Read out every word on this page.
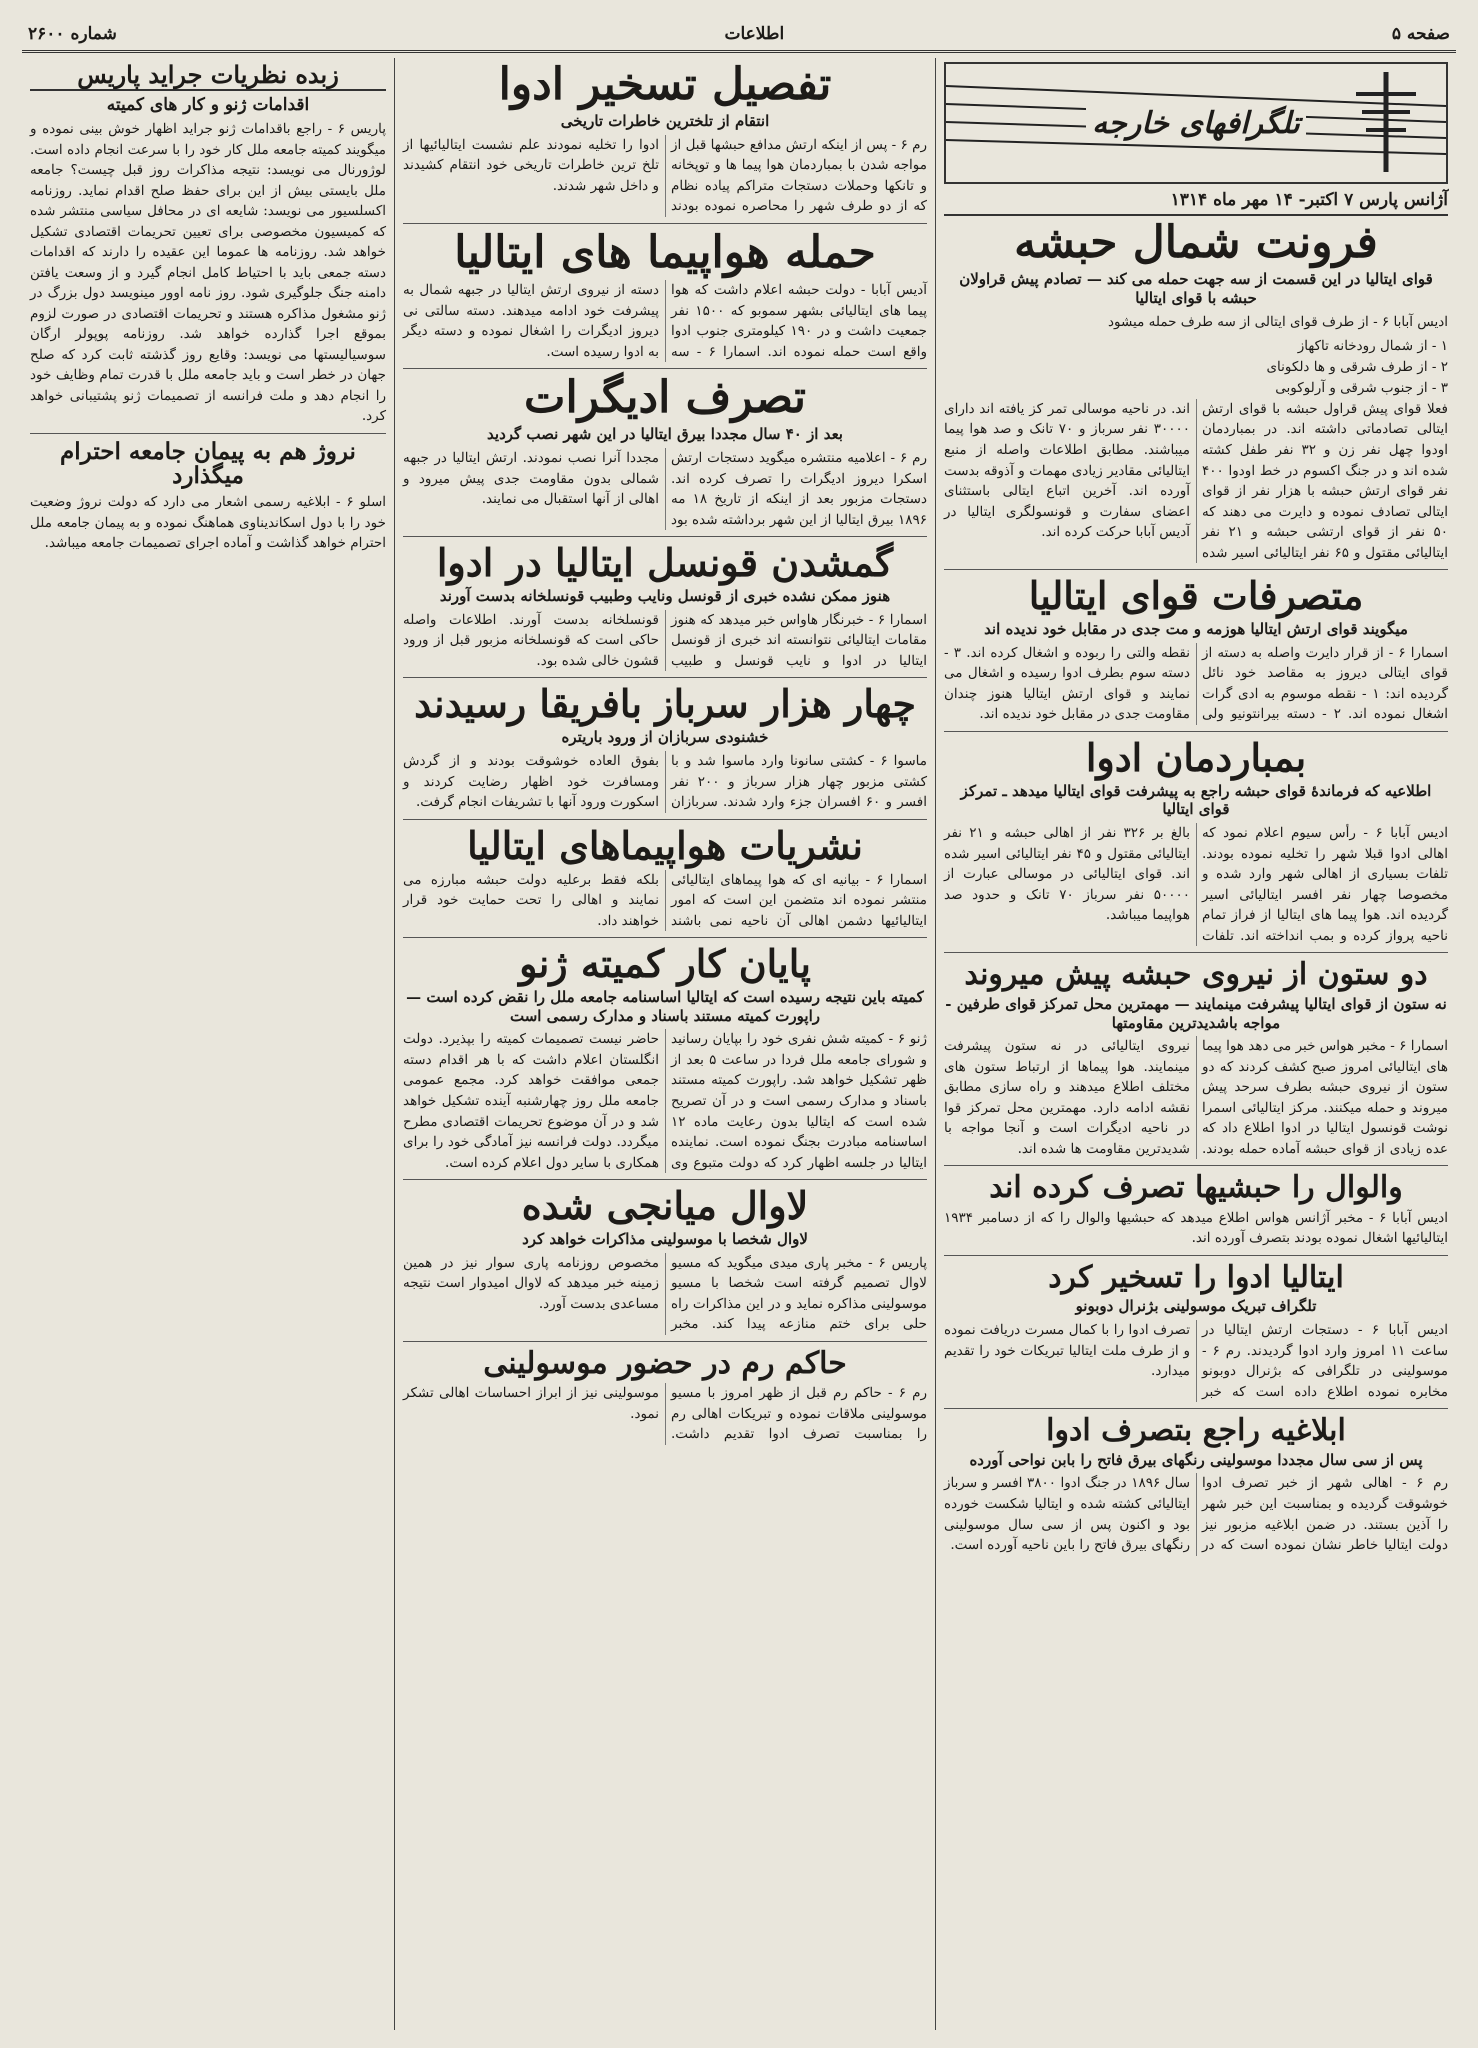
صفحه ۵
اطلاعات
شماره ۲۶۰۰
تلگرافهای خارجه
آژانس پارس ۷ اکتبر- ۱۴ مهر ماه ۱۳۱۴
فرونت شمال حبشه
قوای ایتالیا در این قسمت از سه جهت حمله می کند — تصادم پیش قراولان حبشه با قوای ایتالیا

ادیس آبابا ۶ - از طرف قوای ایتالی از سه طرف حمله میشود

۱ - از شمال رودخانه تاکهاز
۲ - از طرف شرقی و ها دلکونای
۳ - از جنوب شرقی و آرلوکوبی

فعلا قوای پیش قراول حبشه با قوای ارتش ایتالی تصادماتی داشته اند. در بمباردمان اودوا چهل نفر زن و ۳۲ نفر طفل کشته شده اند و در جنگ اکسوم در خط اودوا ۴۰۰ نفر قوای ارتش حبشه با هزار نفر از قوای ایتالی تصادف نموده و دایرت می دهند که ۵۰ نفر از قوای ارتشی حبشه و ۲۱ نفر ایتالیائی مقتول و ۶۵ نفر ایتالیائی اسیر شده اند. در ناحیه موسالی تمر کز یافته اند دارای ۳۰۰۰۰ نفر سرباز و ۷۰ تانک و صد هوا پیما میباشند. مطابق اطلاعات واصله از منبع ایتالیائی مقادیر زیادی مهمات و آذوقه بدست آورده اند. آخرین اتباع ایتالی باستثنای اعضای سفارت و قونسولگری ایتالیا در آدیس آبابا حرکت کرده اند.

متصرفات قوای ایتالیا
میگویند قوای ارتش ایتالیا هوزمه و مت جدی در مقابل خود ندیده اند

اسمارا ۶ - از قرار دایرت واصله به دسته از قوای ایتالی دیروز به مقاصد خود نائل گردیده اند: ۱ - نقطه موسوم به ادی گرات اشغال نموده اند. ۲ - دسته بیرانتونیو ولی نقطه والتی را ربوده و اشغال کرده اند. ۳ - دسته سوم بطرف ادوا رسیده و اشغال می نمایند و قوای ارتش ایتالیا هنوز چندان مقاومت جدی در مقابل خود ندیده اند.

بمباردمان ادوا
اطلاعیه که فرماندهٔ قوای حبشه راجع به پیشرفت قوای ایتالیا میدهد ـ تمرکز قوای ایتالیا

ادیس آبابا ۶ - رأس سیوم اعلام نمود که اهالی ادوا قبلا شهر را تخلیه نموده بودند. تلفات بسیاری از اهالی شهر وارد شده و مخصوصا چهار نفر افسر ایتالیائی اسیر گردیده اند. هوا پیما های ایتالیا از فراز تمام ناحیه پرواز کرده و بمب انداخته اند. تلفات بالغ بر ۳۲۶ نفر از اهالی حبشه و ۲۱ نفر ایتالیائی مقتول و ۴۵ نفر ایتالیائی اسیر شده اند. قوای ایتالیائی در موسالی عبارت از ۵۰۰۰۰ نفر سرباز ۷۰ تانک و حدود صد هواپیما میباشد.

دو ستون از نیروی حبشه پیش میروند
نه ستون از قوای ایتالیا پیشرفت مینمایند — مهمترین محل تمرکز قوای طرفین - مواجه باشدیدترین مقاومتها

اسمارا ۶ - مخبر هواس خبر می دهد هوا پیما های ایتالیائی امروز صبح کشف کردند که دو ستون از نیروی حبشه بطرف سرحد پیش میروند و حمله میکنند. مرکز ایتالیائی اسمرا نوشت قونسول ایتالیا در ادوا اطلاع داد که عده زیادی از قوای حبشه آماده حمله بودند. نیروی ایتالیائی در نه ستون پیشرفت مینمایند. هوا پیماها از ارتباط ستون های مختلف اطلاع میدهند و راه سازی مطابق نقشه ادامه دارد. مهمترین محل تمرکز قوا در ناحیه ادیگرات است و آنجا مواجه با شدیدترین مقاومت ها شده اند.

والوال را حبشیها تصرف کرده اند

ادیس آبابا ۶ - مخبر آژانس هواس اطلاع میدهد که حبشیها والوال را که از دسامبر ۱۹۳۴ ایتالیائیها اشغال نموده بودند بتصرف آورده اند.

ایتالیا ادوا را تسخیر کرد
تلگراف تبریک موسولینی بژنرال دوبونو

ادیس آبابا ۶ - دستجات ارتش ایتالیا در ساعت ۱۱ امروز وارد ادوا گردیدند. رم ۶ - موسولینی در تلگرافی که بژنرال دوبونو مخابره نموده اطلاع داده است که خبر تصرف ادوا را با کمال مسرت دریافت نموده و از طرف ملت ایتالیا تبریکات خود را تقدیم میدارد.

ابلاغیه راجع بتصرف ادوا
پس از سی سال مجددا موسولینی رنگهای بیرق فاتح را بابن نواحی آورده

رم ۶ - اهالی شهر از خبر تصرف ادوا خوشوقت گردیده و بمناسبت این خبر شهر را آذین بستند. در ضمن ابلاغیه مزبور نیز دولت ایتالیا خاطر نشان نموده است که در سال ۱۸۹۶ در جنگ ادوا ۳۸۰۰ افسر و سرباز ایتالیائی کشته شده و ایتالیا شکست خورده بود و اکنون پس از سی سال موسولینی رنگهای بیرق فاتح را باین ناحیه آورده است.

تفصیل تسخیر ادوا
انتقام از تلخترین خاطرات تاریخی

رم ۶ - پس از اینکه ارتش مدافع حبشها قبل از مواجه شدن با بمباردمان هوا پیما ها و توپخانه و تانکها وحملات دستجات متراکم پیاده نظام که از دو طرف شهر را محاصره نموده بودند ادوا را تخلیه نمودند علم نشست ایتالیائیها از تلخ ترین خاطرات تاریخی خود انتقام کشیدند و داخل شهر شدند.

حمله هواپیما های ایتالیا

آدیس آبابا - دولت حبشه اعلام داشت که هوا پیما های ایتالیائی بشهر سموبو که ۱۵۰۰ نفر جمعیت داشت و در ۱۹۰ کیلومتری جنوب ادوا واقع است حمله نموده اند. اسمارا ۶ - سه دسته از نیروی ارتش ایتالیا در جبهه شمال به پیشرفت خود ادامه میدهند. دسته سالتی نی دیروز ادیگرات را اشغال نموده و دسته دیگر به ادوا رسیده است.

تصرف ادیگرات
بعد از ۴۰ سال مجددا بیرق ایتالیا در این شهر نصب گردید

رم ۶ - اعلامیه منتشره میگوید دستجات ارتش اسکرا دیروز ادیگرات را تصرف کرده اند. دستجات مزبور بعد از اینکه از تاریخ ۱۸ مه ۱۸۹۶ بیرق ایتالیا از این شهر برداشته شده بود مجددا آنرا نصب نمودند. ارتش ایتالیا در جبهه شمالی بدون مقاومت جدی پیش میرود و اهالی از آنها استقبال می نمایند.

گمشدن قونسل ایتالیا در ادوا
هنوز ممکن نشده خبری از قونسل ونایب وطبیب قونسلخانه بدست آورند

اسمارا ۶ - خبرنگار هاواس خبر میدهد که هنوز مقامات ایتالیائی نتوانسته اند خبری از قونسل ایتالیا در ادوا و نایب قونسل و طبیب قونسلخانه بدست آورند. اطلاعات واصله حاکی است که قونسلخانه مزبور قبل از ورود قشون خالی شده بود.

چهار هزار سرباز بافریقا رسیدند
خشنودی سربازان از ورود باریتره

ماسوا ۶ - کشتی سانونا وارد ماسوا شد و با کشتی مزبور چهار هزار سرباز و ۲۰۰ نفر افسر و ۶۰ افسران جزء وارد شدند. سربازان بفوق العاده خوشوقت بودند و از گردش ومسافرت خود اظهار رضایت کردند و اسکورت ورود آنها با تشریفات انجام گرفت.

نشریات هواپیماهای ایتالیا

اسمارا ۶ - بیانیه ای که هوا پیماهای ایتالیائی منتشر نموده اند متضمن این است که امور ایتالیائیها دشمن اهالی آن ناحیه نمی باشند بلکه فقط برعلیه دولت حبشه مبارزه می نمایند و اهالی را تحت حمایت خود قرار خواهند داد.

پایان کار کمیته ژنو
کمیته باین نتیجه رسیده است که ایتالیا اساسنامه جامعه ملل را نقض کرده است — راپورت کمیته مستند باسناد و مدارک رسمی است

ژنو ۶ - کمیته شش نفری خود را بپایان رسانید و شورای جامعه ملل فردا در ساعت ۵ بعد از ظهر تشکیل خواهد شد. راپورت کمیته مستند باسناد و مدارک رسمی است و در آن تصریح شده است که ایتالیا بدون رعایت ماده ۱۲ اساسنامه مبادرت بجنگ نموده است. نماینده ایتالیا در جلسه اظهار کرد که دولت متبوع وی حاضر نیست تصمیمات کمیته را بپذیرد. دولت انگلستان اعلام داشت که با هر اقدام دسته جمعی موافقت خواهد کرد. مجمع عمومی جامعه ملل روز چهارشنبه آینده تشکیل خواهد شد و در آن موضوع تحریمات اقتصادی مطرح میگردد. دولت فرانسه نیز آمادگی خود را برای همکاری با سایر دول اعلام کرده است.

لاوال میانجی شده
لاوال شخصا با موسولینی مذاکرات خواهد کرد

پاریس ۶ - مخبر پاری میدی میگوید که مسیو لاوال تصمیم گرفته است شخصا با مسیو موسولینی مذاکره نماید و در این مذاکرات راه حلی برای ختم منازعه پیدا کند. مخبر مخصوص روزنامه پاری سوار نیز در همین زمینه خبر میدهد که لاوال امیدوار است نتیجه مساعدی بدست آورد.

حاکم رم در حضور موسولینی

رم ۶ - حاکم رم قبل از ظهر امروز با مسیو موسولینی ملاقات نموده و تبریکات اهالی رم را بمناسبت تصرف ادوا تقدیم داشت. موسولینی نیز از ابراز احساسات اهالی تشکر نمود.

زبده نظریات جراید پاریس
اقدامات ژنو و کار های کمیته

پاریس ۶ - راجع باقدامات ژنو جراید اظهار خوش بینی نموده و میگویند کمیته جامعه ملل کار خود را با سرعت انجام داده است. لوژورنال می نویسد: نتیجه مذاکرات روز قبل چیست؟ جامعه ملل بایستی بیش از این برای حفظ صلح اقدام نماید. روزنامه اکسلسیور می نویسد: شایعه ای در محافل سیاسی منتشر شده که کمیسیون مخصوصی برای تعیین تحریمات اقتصادی تشکیل خواهد شد. روزنامه ها عموما این عقیده را دارند که اقدامات دسته جمعی باید با احتیاط کامل انجام گیرد و از وسعت یافتن دامنه جنگ جلوگیری شود. روز نامه اوور مینویسد دول بزرگ در ژنو مشغول مذاکره هستند و تحریمات اقتصادی در صورت لزوم بموقع اجرا گذارده خواهد شد. روزنامه پوپولر ارگان سوسیالیستها می نویسد: وقایع روز گذشته ثابت کرد که صلح جهان در خطر است و باید جامعه ملل با قدرت تمام وظایف خود را انجام دهد و ملت فرانسه از تصمیمات ژنو پشتیبانی خواهد کرد.

نروژ هم به پیمان جامعه احترام میگذارد

اسلو ۶ - ابلاغیه رسمی اشعار می دارد که دولت نروژ وضعیت خود را با دول اسکاندیناوی هماهنگ نموده و به پیمان جامعه ملل احترام خواهد گذاشت و آماده اجرای تصمیمات جامعه میباشد.
